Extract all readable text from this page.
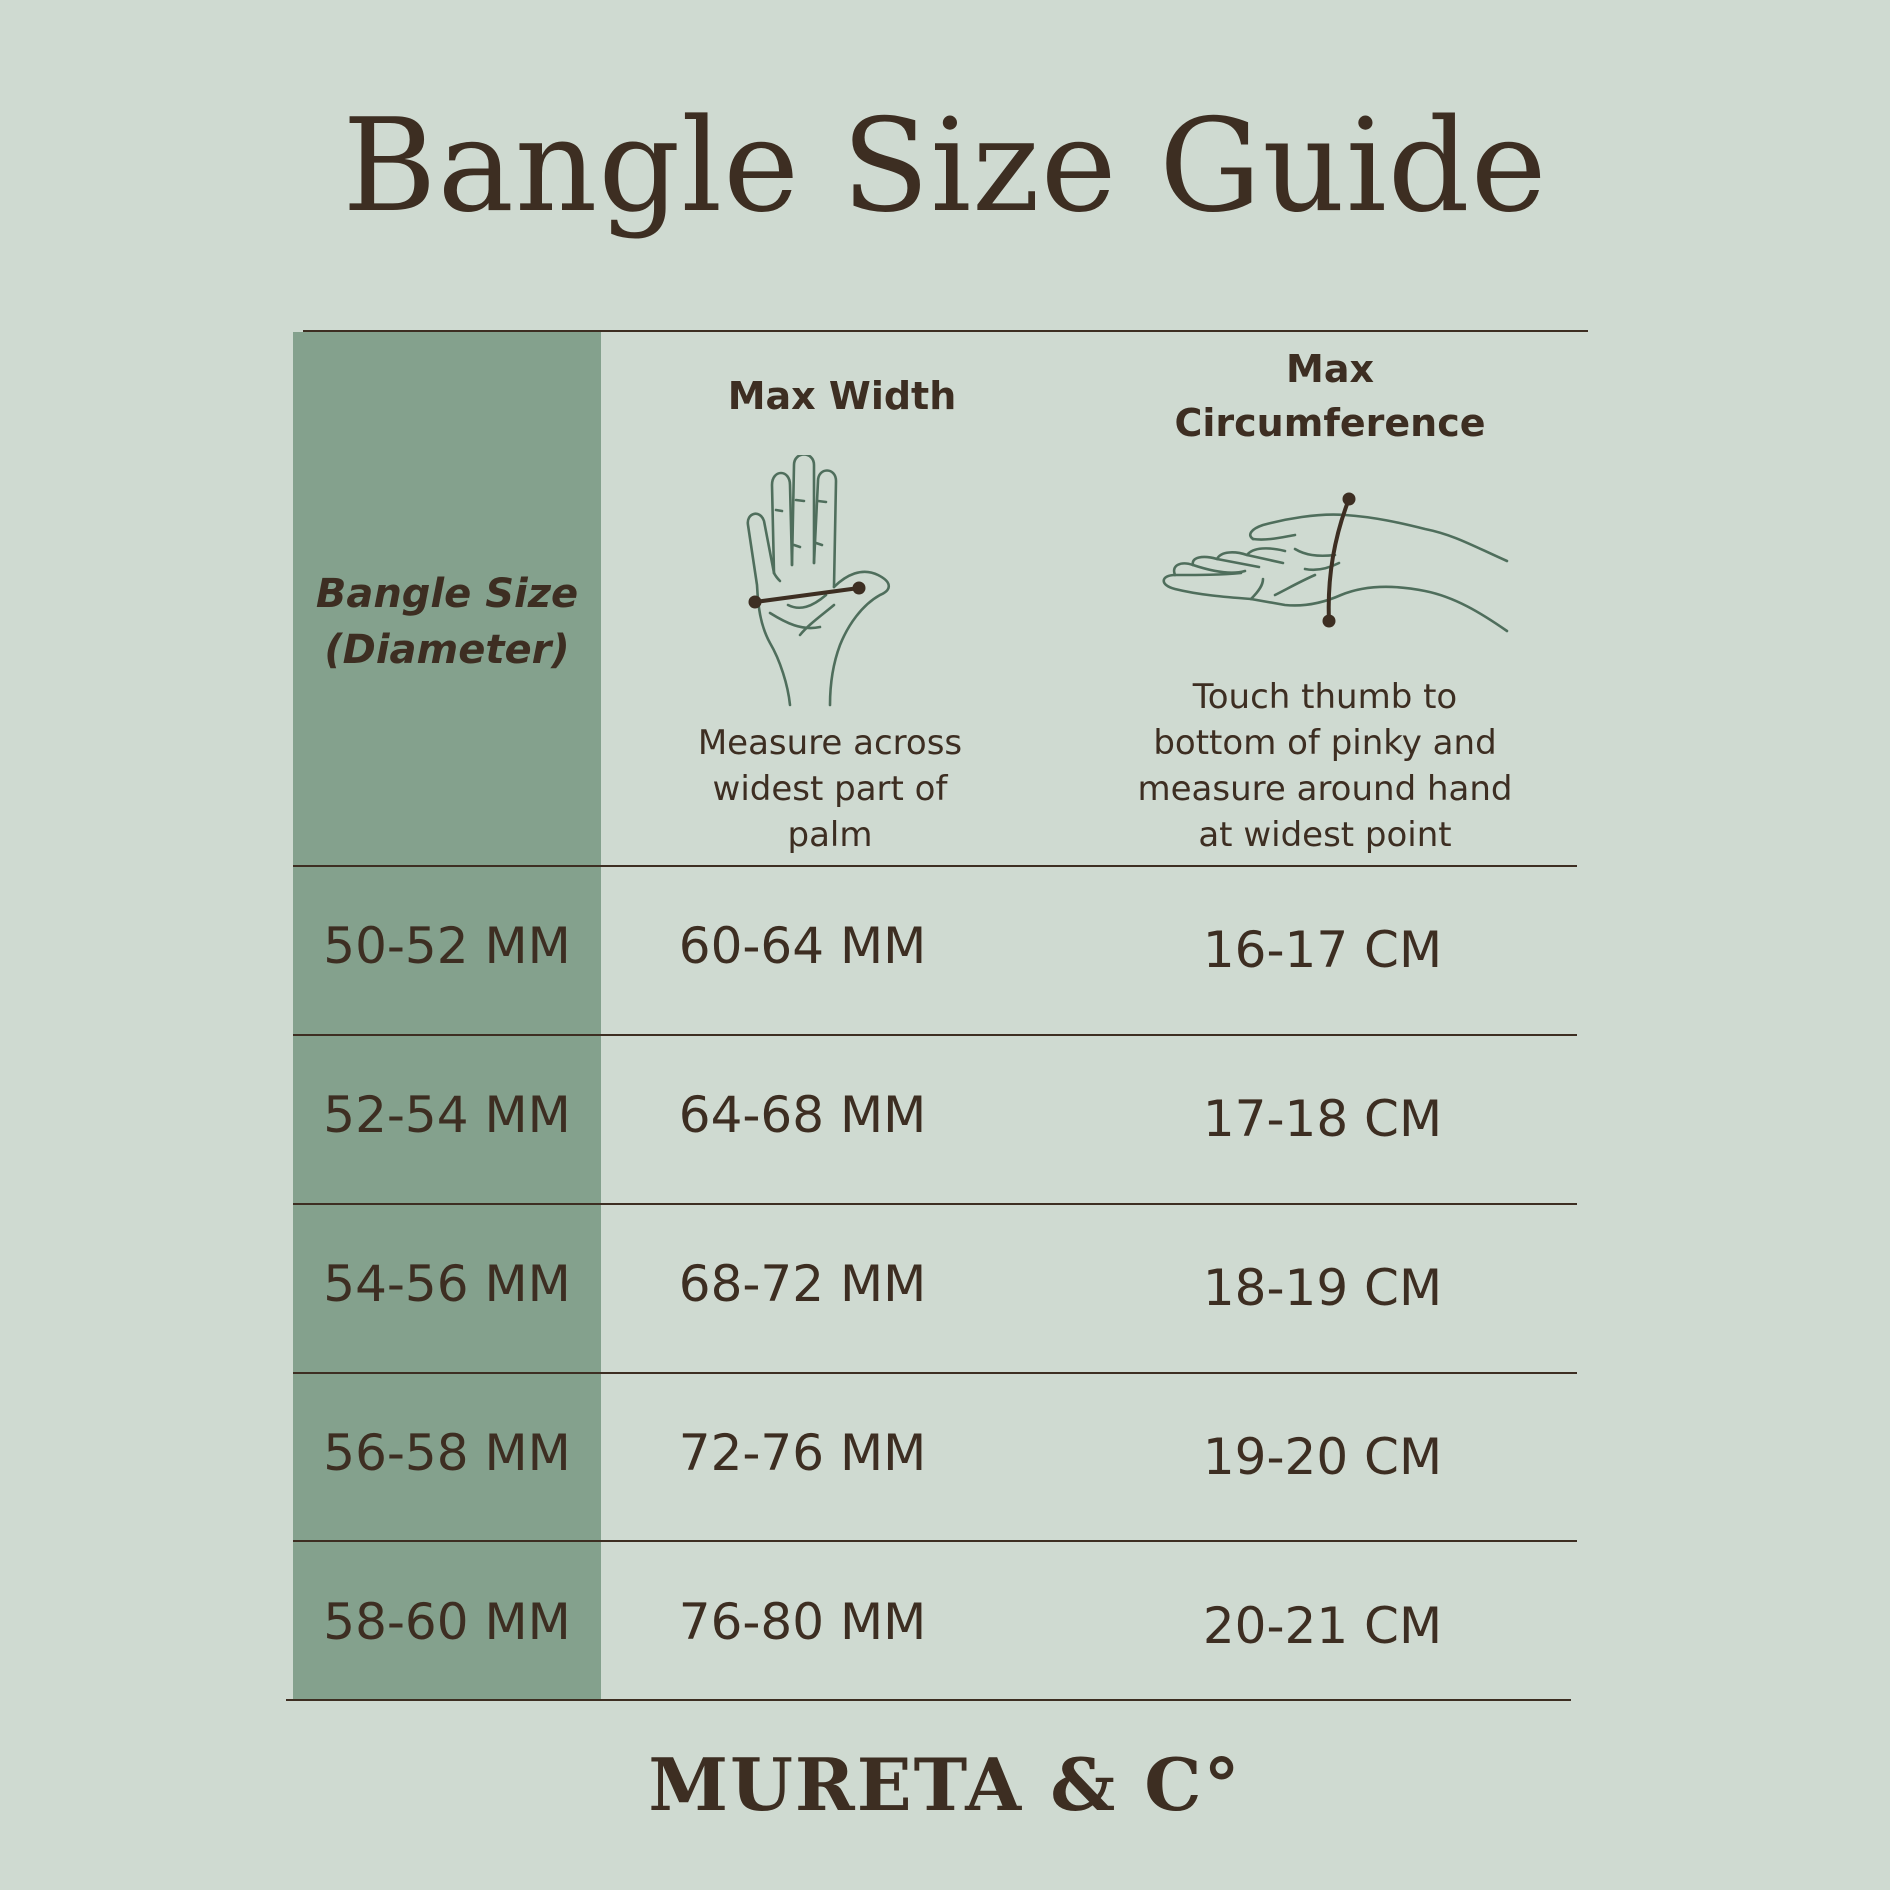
Bangle Size Guide
Bangle Size
(Diameter)
Max Width
Measure across
widest part of
palm
Max
Circumference
Touch thumb to
bottom of pinky and
measure around hand
at widest point
50-52 MM	60-64 MM	16-17 CM
52-54 MM	64-68 MM	17-18 CM
54-56 MM	68-72 MM	18-19 CM
56-58 MM	72-76 MM	19-20 CM
58-60 MM	76-80 MM	20-21 CM
MURETA & C°
